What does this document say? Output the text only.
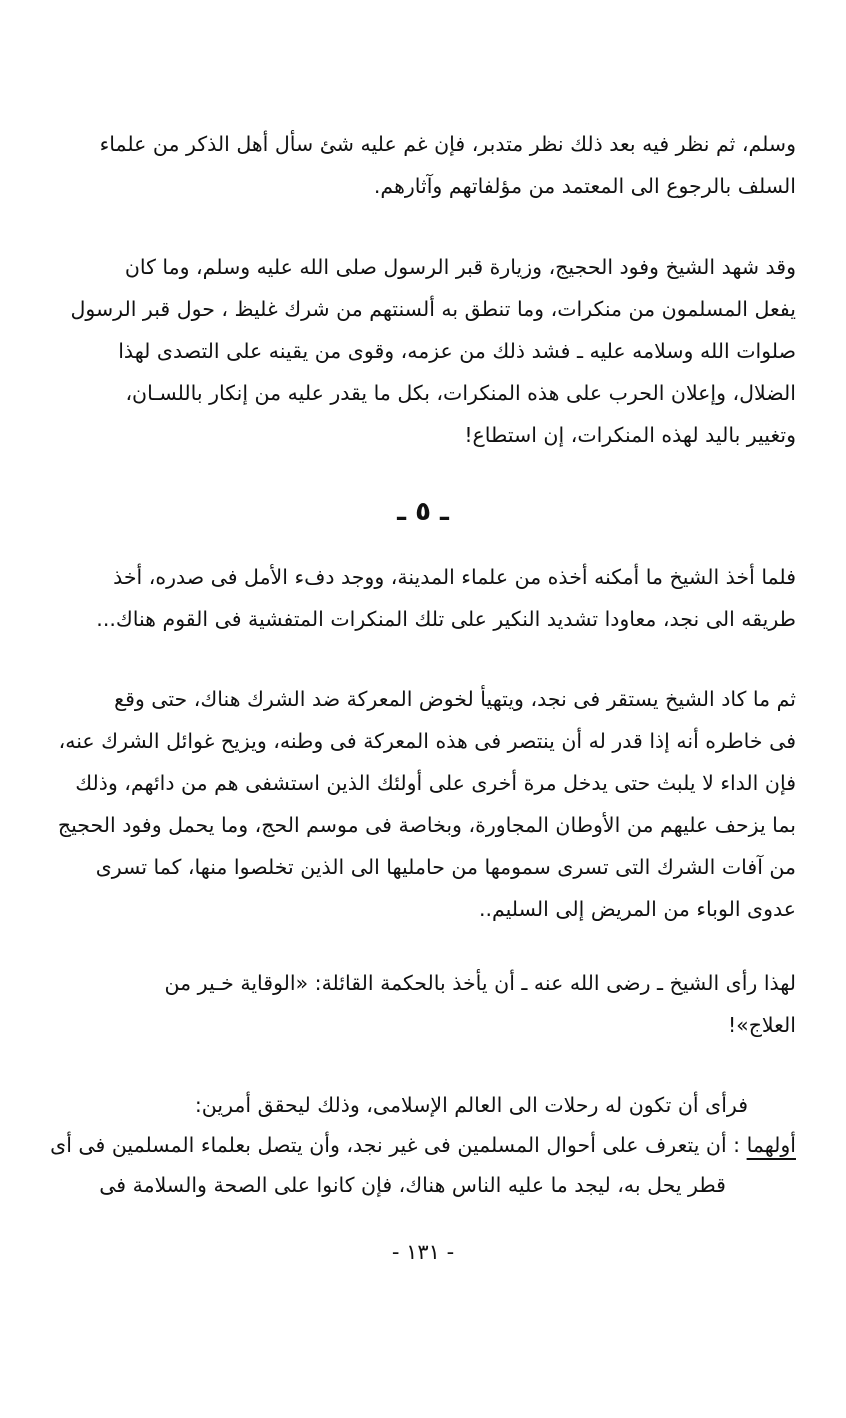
وسلم، ثم نظر فيه بعد ذلك نظر متدبر، فإن غم عليه شئ سأل أهل الذكر من علماء
السلف بالرجوع الى المعتمد من مؤلفاتهم وآثارهم.

وقد شهد الشيخ وفود الحجيج، وزيارة قبر الرسول صلى الله عليه وسلم، وما كان
يفعل المسلمون من منكرات، وما تنطق به ألسنتهم من شرك غليظ ، حول قبر الرسول
صلوات الله وسلامه عليه ـ فشد ذلك من عزمه، وقوى من يقينه على التصدى لهذا
الضلال، وإعلان الحرب على هذه المنكرات، بكل ما يقدر عليه من إنكار باللسـان،
وتغيير باليد لهذه المنكرات، إن استطاع!

ـ ٥ ـ

فلما أخذ الشيخ ما أمكنه أخذه من علماء المدينة، ووجد دفء الأمل فى صدره، أخذ
طريقه الى نجد، معاودا تشديد النكير على تلك المنكرات المتفشية فى القوم هناك...

ثم ما كاد الشيخ يستقر فى نجد، ويتهيأ لخوض المعركة ضد الشرك هناك، حتى وقع
فى خاطره أنه إذا قدر له أن ينتصر فى هذه المعركة فى وطنه، ويزيح غوائل الشرك عنه،
فإن الداء لا يلبث حتى يدخل مرة أخرى على أولئك الذين استشفى هم من دائهم، وذلك
بما يزحف عليهم من الأوطان المجاورة، وبخاصة فى موسم الحج، وما يحمل وفود الحجيج
من آفات الشرك التى تسرى سمومها من حامليها الى الذين تخلصوا منها، كما تسرى
عدوى الوباء من المريض إلى السليم..

لهذا رأى الشيخ ـ رضى الله عنه ـ أن يأخذ بالحكمة القائلة: «الوقاية خـير من
العلاج»!

فرأى أن تكون له رحلات الى العالم الإسلامى، وذلك ليحقق أمرين:
أولهما : أن يتعرف على أحوال المسلمين فى غير نجد، وأن يتصل بعلماء المسلمين فى أى
قطر يحل به، ليجد ما عليه الناس هناك، فإن كانوا على الصحة والسلامة فى

- ١٣١ -
